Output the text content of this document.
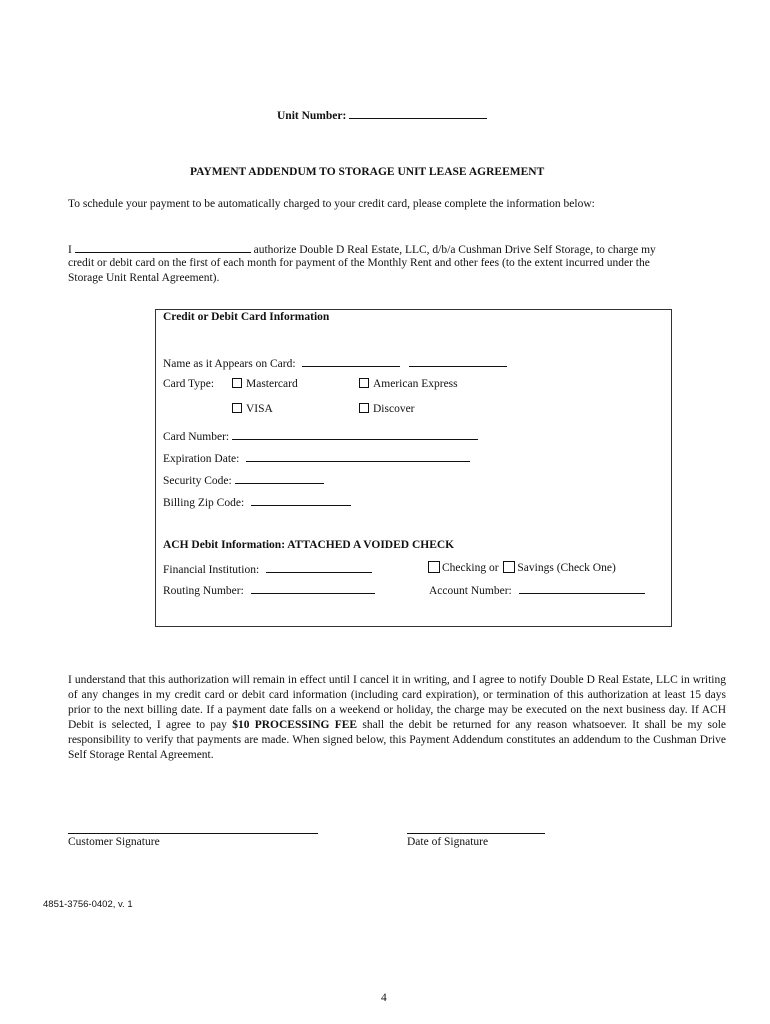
Unit Number:
PAYMENT ADDENDUM TO STORAGE UNIT LEASE AGREEMENT
To schedule your payment to be automatically charged to your credit card, please complete the information below:
I	authorize Double D Real Estate, LLC, d/b/a Cushman Drive Self Storage, to charge my
credit or debit card on the first of each month for payment of the Monthly Rent and other fees (to the extent incurred under the
Storage Unit Rental Agreement).
Credit or Debit Card Information
Name as it Appears on Card:
Card Type:	Mastercard	American Express
VISA	Discover
Card Number:
Expiration Date:
Security Code:
Billing Zip Code:
ACH Debit Information: ATTACHED A VOIDED CHECK
Financial Institution:	Checking or Savings (Check One)
Routing Number:	Account Number:
I understand that this authorization will remain in effect until I cancel it in writing, and I agree to notify Double D Real Estate, LLC in writing of any changes in my credit card or debit card information (including card expiration), or termination of this authorization at least 15 days prior to the next billing date. If a payment date falls on a weekend or holiday, the charge may be executed on the next business day. If ACH Debit is selected, I agree to pay $10 PROCESSING FEE shall the debit be returned for any reason whatsoever. It shall be my sole responsibility to verify that payments are made. When signed below, this Payment Addendum constitutes an addendum to the Cushman Drive Self Storage Rental Agreement.
Customer Signature	Date of Signature
4851-3756-0402, v. 1
4
